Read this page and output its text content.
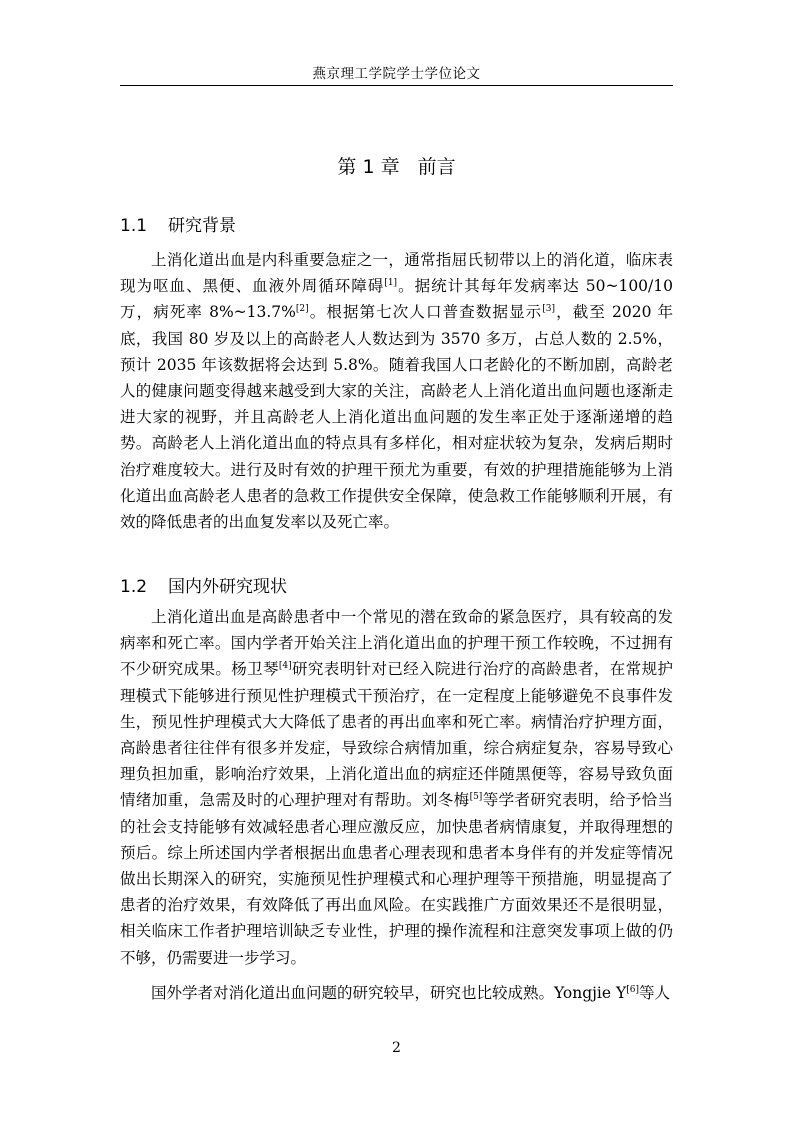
燕京理工学院学士学位论文
第 1 章 前言
1.1 研究背景

上消化道出血是内科重要急症之一，通常指屈氏韧带以上的消化道，临床表现为呕血、黑便、血液外周循环障碍[1]。据统计其每年发病率达 50~100/10 万，病死率 8%~13.7%[2]。根据第七次人口普查数据显示[3]，截至 2020 年底，我国 80 岁及以上的高龄老人人数达到为 3570 多万，占总人数的 2.5%，预计 2035 年该数据将会达到 5.8%。随着我国人口老龄化的不断加剧，高龄老人的健康问题变得越来越受到大家的关注，高龄老人上消化道出血问题也逐渐走进大家的视野，并且高龄老人上消化道出血问题的发生率正处于逐渐递增的趋势。高龄老人上消化道出血的特点具有多样化，相对症状较为复杂，发病后期时治疗难度较大。进行及时有效的护理干预尤为重要，有效的护理措施能够为上消化道出血高龄老人患者的急救工作提供安全保障，使急救工作能够顺利开展，有效的降低患者的出血复发率以及死亡率。

1.2 国内外研究现状

上消化道出血是高龄患者中一个常见的潜在致命的紧急医疗，具有较高的发病率和死亡率。国内学者开始关注上消化道出血的护理干预工作较晚，不过拥有不少研究成果。杨卫琴[4]研究表明针对已经入院进行治疗的高龄患者，在常规护理模式下能够进行预见性护理模式干预治疗，在一定程度上能够避免不良事件发生，预见性护理模式大大降低了患者的再出血率和死亡率。病情治疗护理方面，高龄患者往往伴有很多并发症，导致综合病情加重，综合病症复杂，容易导致心理负担加重，影响治疗效果，上消化道出血的病症还伴随黑便等，容易导致负面情绪加重，急需及时的心理护理对有帮助。刘冬梅[5]等学者研究表明，给予恰当的社会支持能够有效减轻患者心理应激反应，加快患者病情康复，并取得理想的预后。综上所述国内学者根据出血患者心理表现和患者本身伴有的并发症等情况做出长期深入的研究，实施预见性护理模式和心理护理等干预措施，明显提高了患者的治疗效果，有效降低了再出血风险。在实践推广方面效果还不是很明显，相关临床工作者护理培训缺乏专业性，护理的操作流程和注意突发事项上做的仍不够，仍需要进一步学习。

国外学者对消化道出血问题的研究较早，研究也比较成熟。Yongjie Y[6]等人

2
